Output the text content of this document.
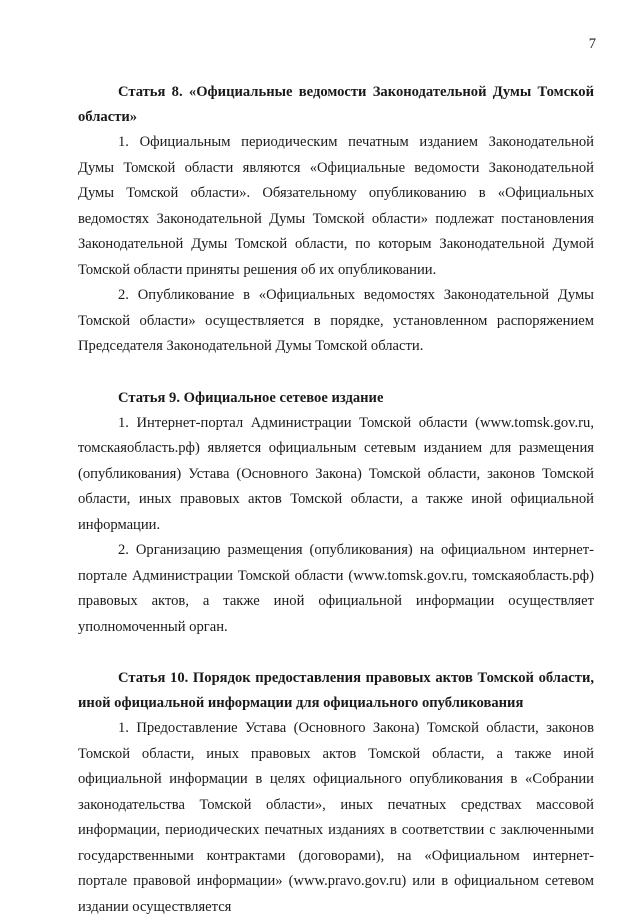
7

Статья 8. «Официальные ведомости Законодательной Думы Томской области»

1. Официальным периодическим печатным изданием Законодательной Думы Томской области являются «Официальные ведомости Законодательной Думы Томской области». Обязательному опубликованию в «Официальных ведомостях Законодательной Думы Томской области» подлежат постановления Законодательной Думы Томской области, по которым Законодательной Думой Томской области приняты решения об их опубликовании.

2. Опубликование в «Официальных ведомостях Законодательной Думы Томской области» осуществляется в порядке, установленном распоряжением Председателя Законодательной Думы Томской области.

Статья 9. Официальное сетевое издание

1. Интернет-портал Администрации Томской области (www.tomsk.gov.ru, томскаяобласть.рф) является официальным сетевым изданием для размещения (опубликования) Устава (Основного Закона) Томской области, законов Томской области, иных правовых актов Томской области, а также иной официальной информации.

2. Организацию размещения (опубликования) на официальном интернет-портале Администрации Томской области (www.tomsk.gov.ru, томскаяобласть.рф) правовых актов, а также иной официальной информации осуществляет уполномоченный орган.

Статья 10. Порядок предоставления правовых актов Томской области, иной официальной информации для официального опубликования

1. Предоставление Устава (Основного Закона) Томской области, законов Томской области, иных правовых актов Томской области, а также иной официальной информации в целях официального опубликования в «Собрании законодательства Томской области», иных печатных средствах массовой информации, периодических печатных изданиях в соответствии с заключенными государственными контрактами (договорами), на «Официальном интернет-портале правовой информации» (www.pravo.gov.ru) или в официальном сетевом издании осуществляется
